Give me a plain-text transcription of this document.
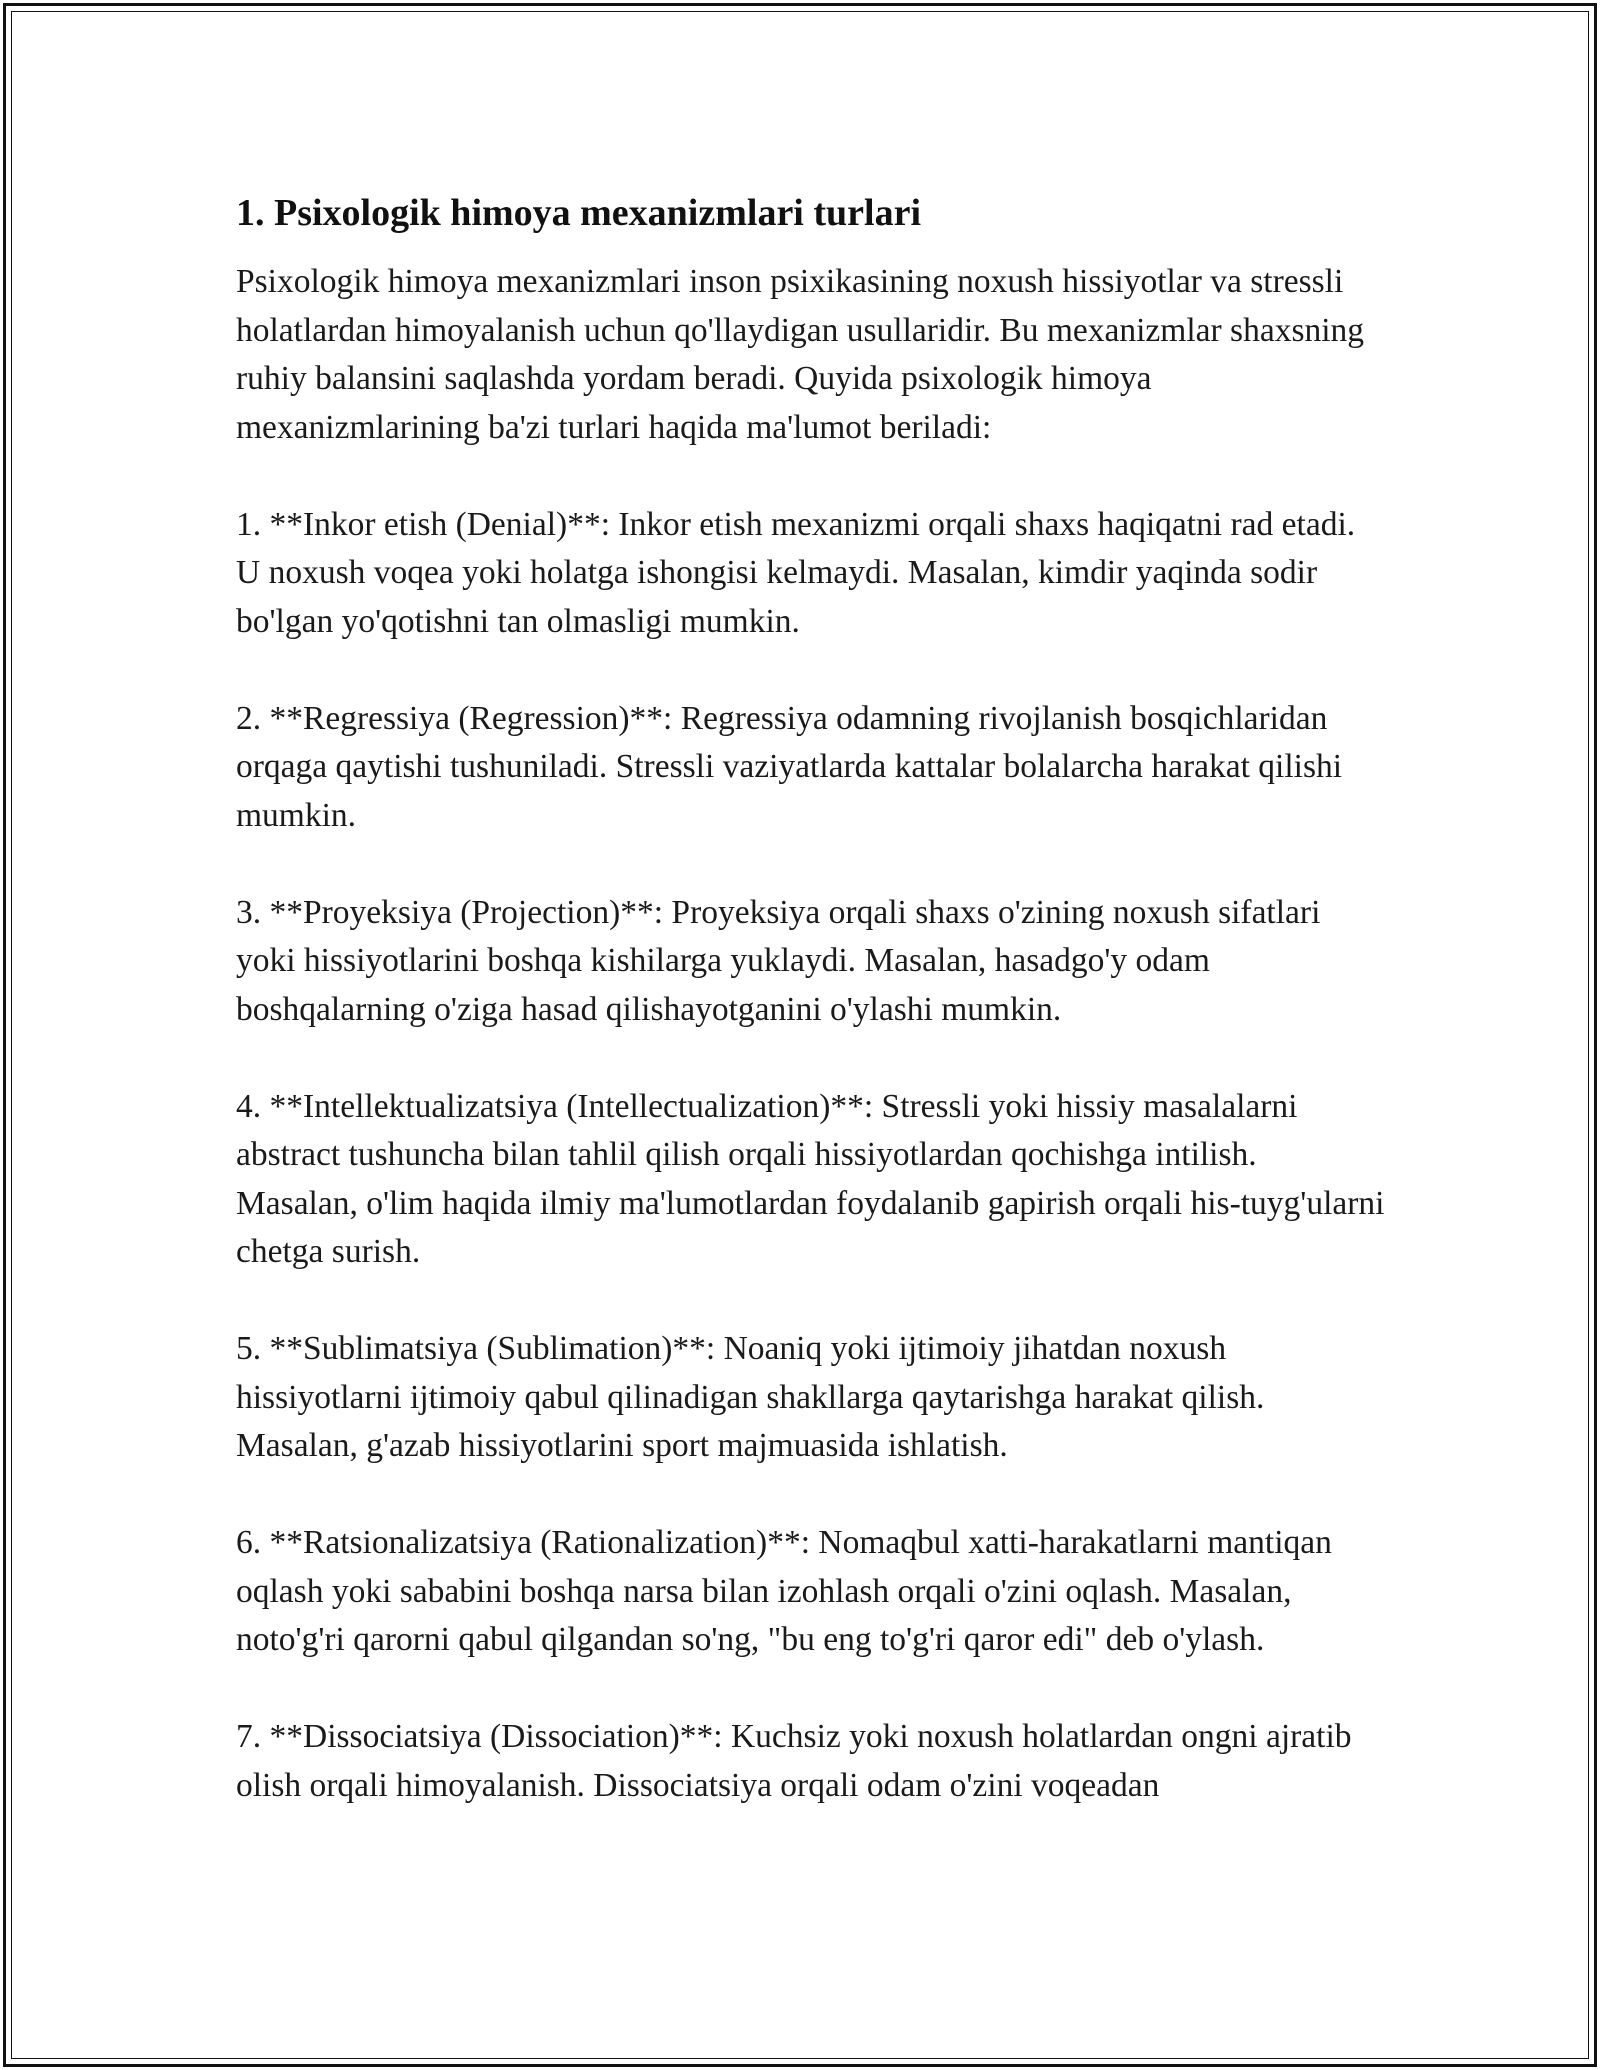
1. Psixologik himoya mexanizmlari turlari

Psixologik himoya mexanizmlari inson psixikasining noxush hissiyotlar va stressli holatlardan himoyalanish uchun qo'llaydigan usullaridir. Bu mexanizmlar shaxsning ruhiy balansini saqlashda yordam beradi. Quyida psixologik himoya mexanizmlarining ba'zi turlari haqida ma'lumot beriladi:

1. **Inkor etish (Denial)**: Inkor etish mexanizmi orqali shaxs haqiqatni rad etadi. U noxush voqea yoki holatga ishongisi kelmaydi. Masalan, kimdir yaqinda sodir bo'lgan yo'qotishni tan olmasligi mumkin.

2. **Regressiya (Regression)**: Regressiya odamning rivojlanish bosqichlaridan orqaga qaytishi tushuniladi. Stressli vaziyatlarda kattalar bolalarcha harakat qilishi mumkin.

3. **Proyeksiya (Projection)**: Proyeksiya orqali shaxs o'zining noxush sifatlari yoki hissiyotlarini boshqa kishilarga yuklaydi. Masalan, hasadgo'y odam boshqalarning o'ziga hasad qilishayotganini o'ylashi mumkin.

4. **Intellektualizatsiya (Intellectualization)**: Stressli yoki hissiy masalalarni abstract tushuncha bilan tahlil qilish orqali hissiyotlardan qochishga intilish. Masalan, o'lim haqida ilmiy ma'lumotlardan foydalanib gapirish orqali his-tuyg'ularni chetga surish.

5. **Sublimatsiya (Sublimation)**: Noaniq yoki ijtimoiy jihatdan noxush hissiyotlarni ijtimoiy qabul qilinadigan shakllarga qaytarishga harakat qilish. Masalan, g'azab hissiyotlarini sport majmuasida ishlatish.

6. **Ratsionalizatsiya (Rationalization)**: Nomaqbul xatti-harakatlarni mantiqan oqlash yoki sababini boshqa narsa bilan izohlash orqali o'zini oqlash. Masalan, noto'g'ri qarorni qabul qilgandan so'ng, "bu eng to'g'ri qaror edi" deb o'ylash.

7. **Dissociatsiya (Dissociation)**: Kuchsiz yoki noxush holatlardan ongni ajratib olish orqali himoyalanish. Dissociatsiya orqali odam o'zini voqeadan
